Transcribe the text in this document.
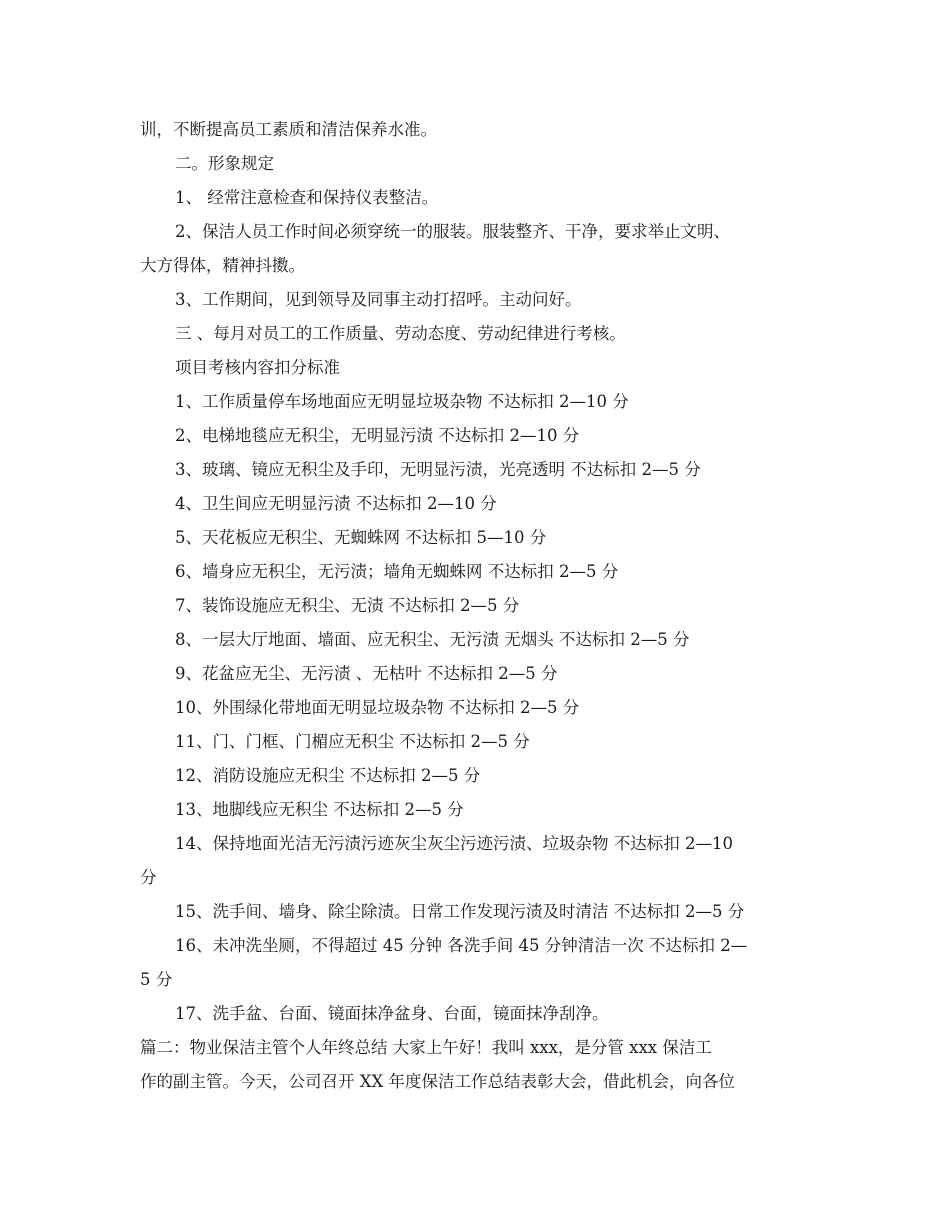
训，不断提高员工素质和清洁保养水准。
二。形象规定
1、 经常注意检查和保持仪表整洁。
2、保洁人员工作时间必须穿统一的服装。服装整齐、干净，要求举止文明、
大方得体，精神抖擞。
3、工作期间，见到领导及同事主动打招呼。主动问好。
三 、每月对员工的工作质量、劳动态度、劳动纪律进行考核。
项目考核内容扣分标准
1、工作质量停车场地面应无明显垃圾杂物 不达标扣 2—10 分
2、电梯地毯应无积尘，无明显污渍 不达标扣 2—10 分
3、玻璃、镜应无积尘及手印，无明显污渍，光亮透明 不达标扣 2—5 分
4、卫生间应无明显污渍 不达标扣 2—10 分
5、天花板应无积尘、无蜘蛛网 不达标扣 5—10 分
6、墙身应无积尘，无污渍；墙角无蜘蛛网 不达标扣 2—5 分
7、装饰设施应无积尘、无渍 不达标扣 2—5 分
8、一层大厅地面、墙面、应无积尘、无污渍 无烟头 不达标扣 2—5 分
9、花盆应无尘、无污渍 、无枯叶 不达标扣 2—5 分
10、外围绿化带地面无明显垃圾杂物 不达标扣 2—5 分
11、门、门框、门楣应无积尘 不达标扣 2—5 分
12、消防设施应无积尘 不达标扣 2—5 分
13、地脚线应无积尘 不达标扣 2—5 分
14、保持地面光洁无污渍污迹灰尘灰尘污迹污渍、垃圾杂物 不达标扣 2—10
分
15、洗手间、墙身、除尘除渍。日常工作发现污渍及时清洁 不达标扣 2—5 分
16、未冲洗坐厕，不得超过 45 分钟 各洗手间 45 分钟清洁一次 不达标扣 2—
5 分
17、洗手盆、台面、镜面抹净盆身、台面，镜面抹净刮净。
篇二：物业保洁主管个人年终总结 大家上午好！我叫 xxx，是分管 xxx 保洁工
作的副主管。今天，公司召开 XX 年度保洁工作总结表彰大会，借此机会，向各位
